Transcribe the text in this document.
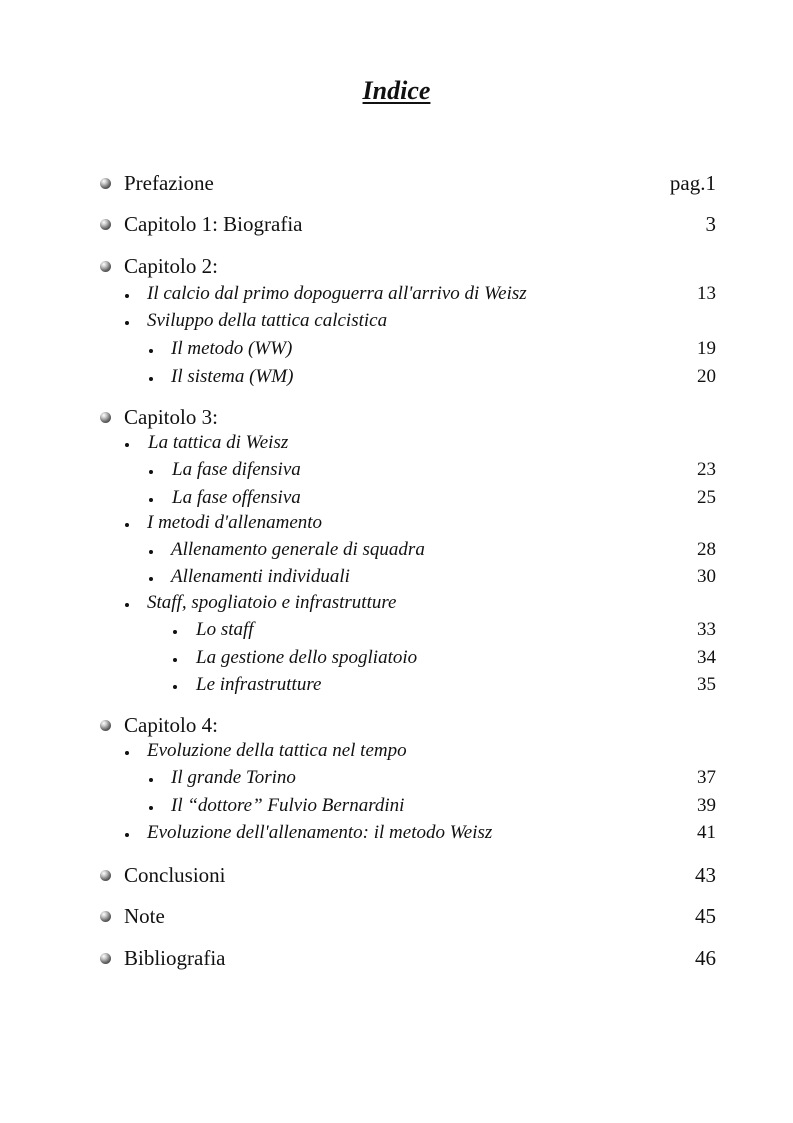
Indice
Prefazione	pag.1
Capitolo 1: Biografia	3
Capitolo 2:
Il calcio dal primo dopoguerra all'arrivo di Weisz	13
Sviluppo della tattica calcistica
Il metodo (WW)	19
Il sistema (WM)	20
Capitolo 3:
La tattica di Weisz
La fase difensiva	23
La fase offensiva	25
I metodi d'allenamento
Allenamento generale di squadra	28
Allenamenti individuali	30
Staff, spogliatoio e infrastrutture
Lo staff	33
La gestione dello spogliatoio	34
Le infrastrutture	35
Capitolo 4:
Evoluzione della tattica nel tempo
Il grande Torino	37
Il “dottore” Fulvio Bernardini	39
Evoluzione dell'allenamento: il metodo Weisz	41
Conclusioni	43
Note	45
Bibliografia	46
